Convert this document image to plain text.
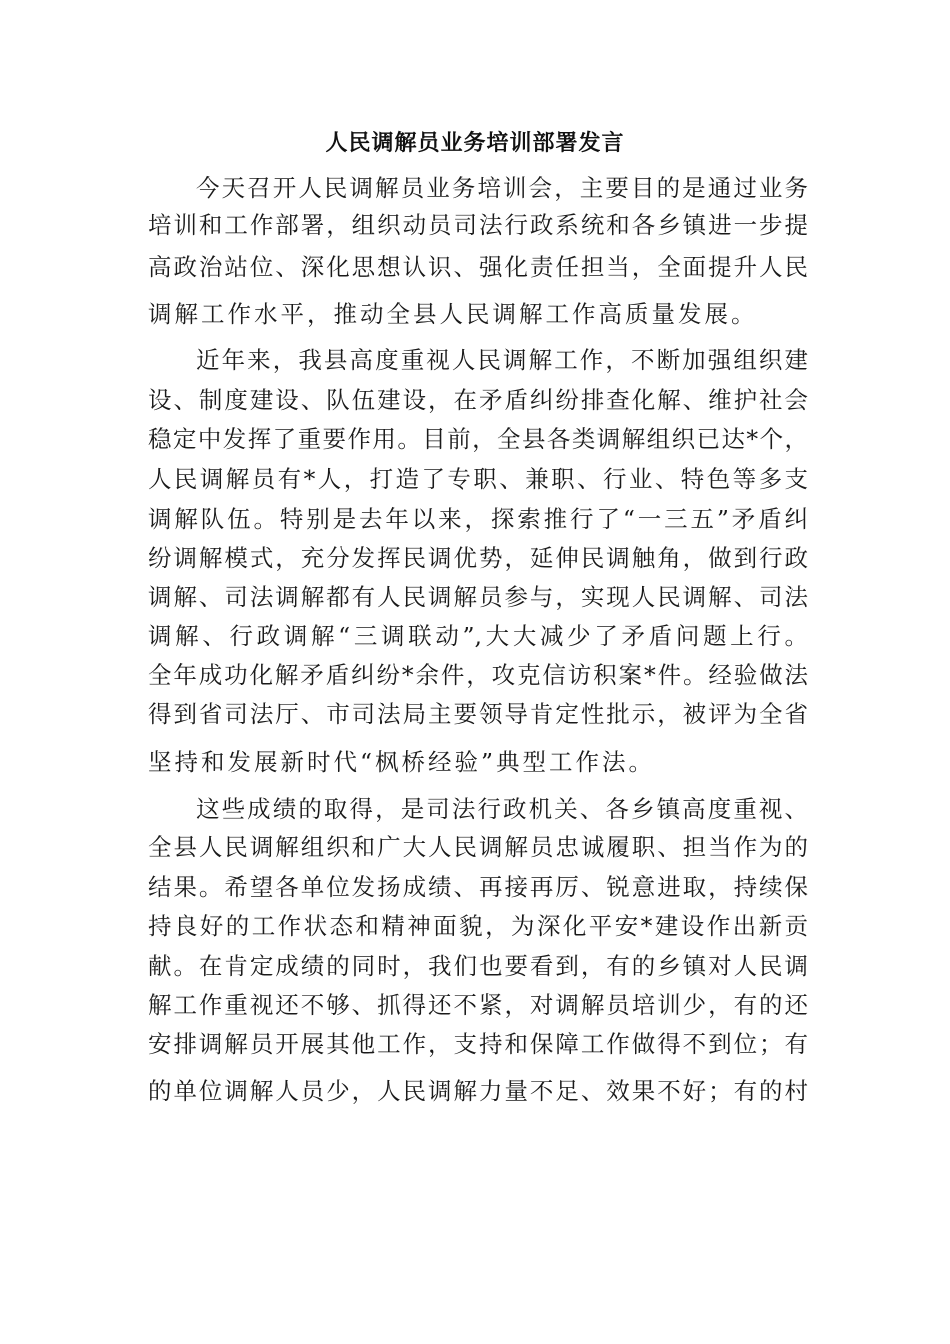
人民调解员业务培训部署发言
今天召开人民调解员业务培训会，主要目的是通过业务
培训和工作部署，组织动员司法行政系统和各乡镇进一步提
高政治站位、深化思想认识、强化责任担当，全面提升人民
调解工作水平，推动全县人民调解工作高质量发展。
近年来，我县高度重视人民调解工作，不断加强组织建
设、制度建设、队伍建设，在矛盾纠纷排查化解、维护社会
稳定中发挥了重要作用。目前，全县各类调解组织已达*个，
人民调解员有*人，打造了专职、兼职、行业、特色等多支
调解队伍。特别是去年以来，探索推行了“一三五”矛盾纠
纷调解模式，充分发挥民调优势，延伸民调触角，做到行政
调解、司法调解都有人民调解员参与，实现人民调解、司法
调解、行政调解“三调联动”,大大减少了矛盾问题上行。
全年成功化解矛盾纠纷*余件，攻克信访积案*件。经验做法
得到省司法厅、市司法局主要领导肯定性批示，被评为全省
坚持和发展新时代“枫桥经验”典型工作法。
这些成绩的取得，是司法行政机关、各乡镇高度重视、
全县人民调解组织和广大人民调解员忠诚履职、担当作为的
结果。希望各单位发扬成绩、再接再厉、锐意进取，持续保
持良好的工作状态和精神面貌，为深化平安*建设作出新贡
献。在肯定成绩的同时，我们也要看到，有的乡镇对人民调
解工作重视还不够、抓得还不紧，对调解员培训少，有的还
安排调解员开展其他工作，支持和保障工作做得不到位；有
的单位调解人员少，人民调解力量不足、效果不好；有的村
